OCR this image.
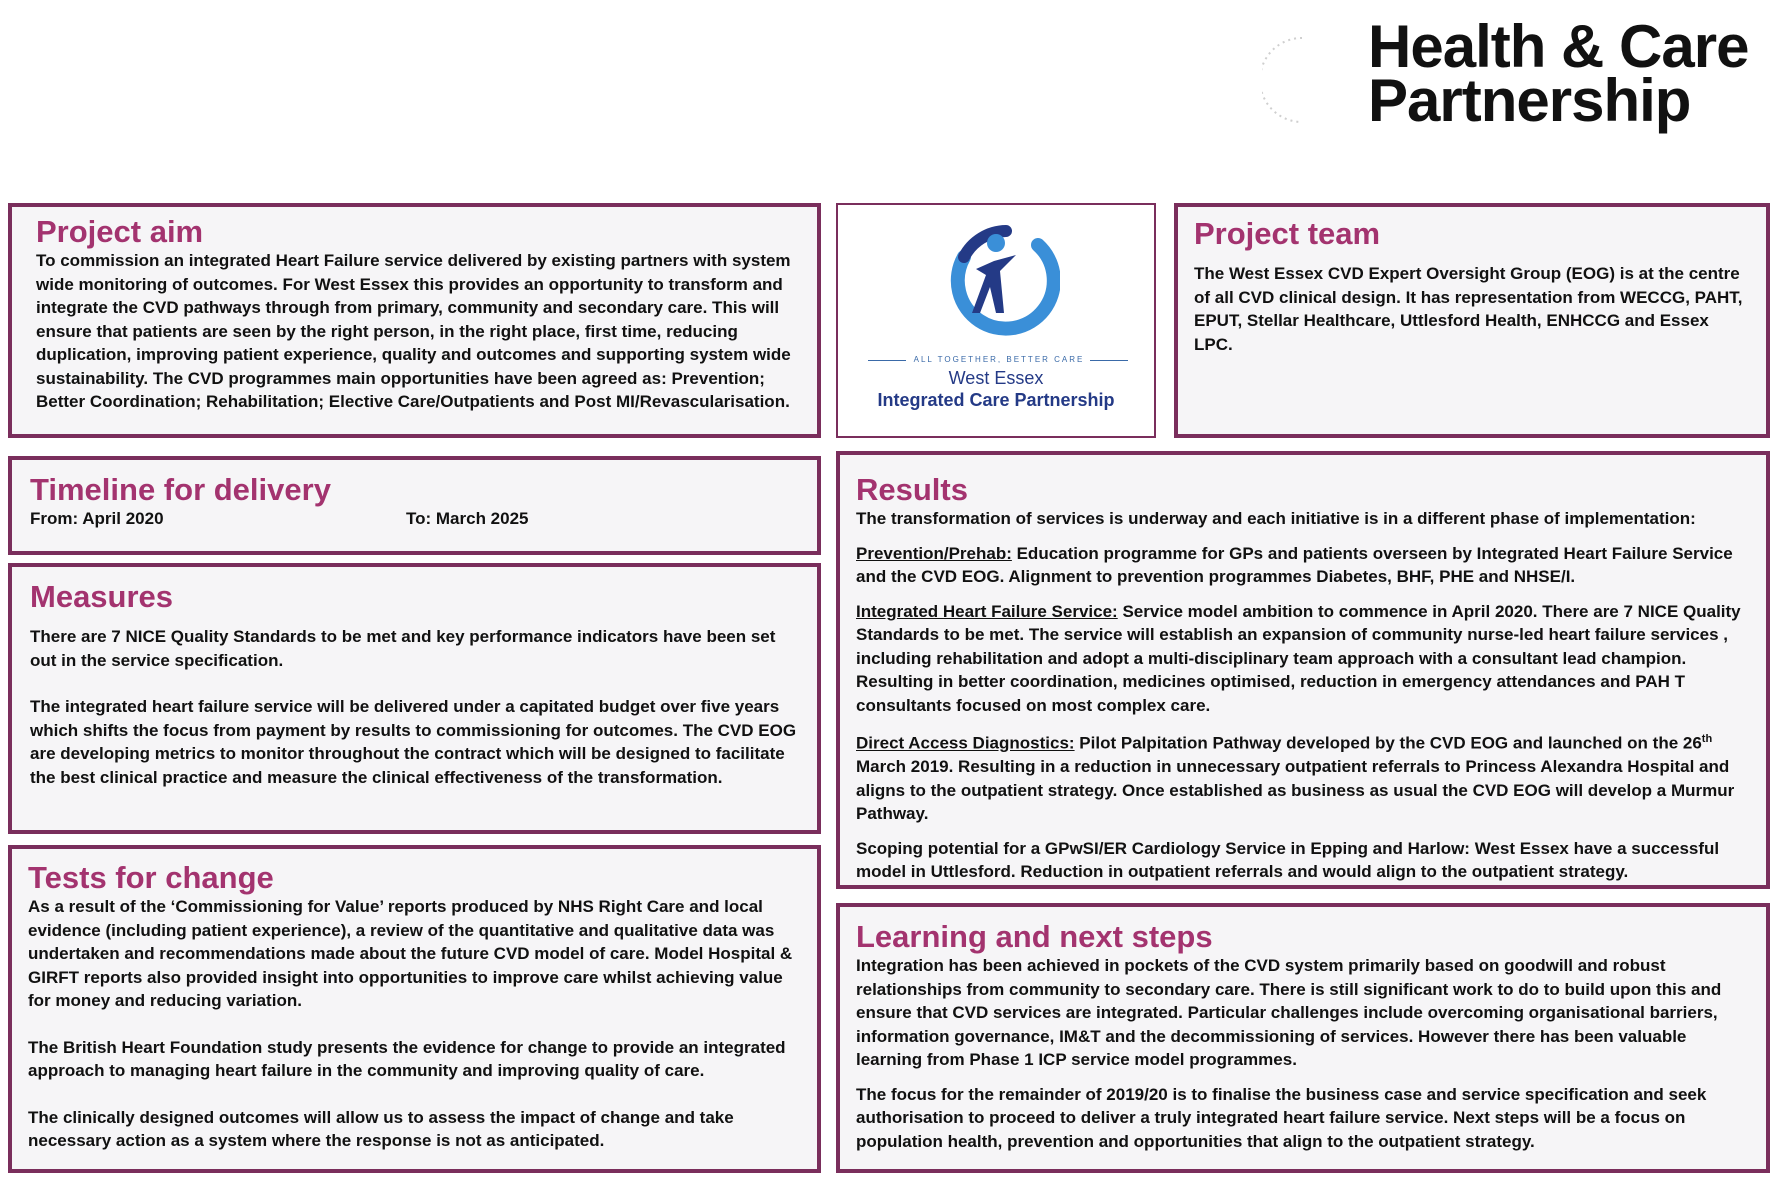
Health & Care
Partnership
Project aim

To commission an integrated Heart Failure service delivered by existing partners with system wide monitoring of outcomes. For West Essex this provides an opportunity to transform and integrate the CVD pathways through from primary, community and secondary care. This will ensure that patients are seen by the right person, in the right place, first time, reducing duplication, improving patient experience, quality and outcomes and supporting system wide sustainability. The CVD programmes main opportunities have been agreed as: Prevention; Better Coordination; Rehabilitation; Elective Care/Outpatients and Post MI/Revascularisation.

ALL TOGETHER, BETTER CARE
West Essex
Integrated Care Partnership
Project team

The West Essex CVD Expert Oversight Group (EOG) is at the centre of all CVD clinical design. It has representation from WECCG, PAHT, EPUT, Stellar Healthcare, Uttlesford Health, ENHCCG and Essex LPC.

Timeline for delivery

From: April 2020	To: March 2025

Measures

There are 7 NICE Quality Standards to be met and key performance indicators have been set out in the service specification.

The integrated heart failure service will be delivered under a capitated budget over five years which shifts the focus from payment by results to commissioning for outcomes. The CVD EOG are developing metrics to monitor throughout the contract which will be designed to facilitate the best clinical practice and measure the clinical effectiveness of the transformation.

Tests for change

As a result of the ‘Commissioning for Value’ reports produced by NHS Right Care and local evidence (including patient experience), a review of the quantitative and qualitative data was undertaken and recommendations made about the future CVD model of care. Model Hospital & GIRFT reports also provided insight into opportunities to improve care whilst achieving value for money and reducing variation.

The British Heart Foundation study presents the evidence for change to provide an integrated approach to managing heart failure in the community and improving quality of care.

The clinically designed outcomes will allow us to assess the impact of change and take necessary action as a system where the response is not as anticipated.

Results

The transformation of services is underway and each initiative is in a different phase of implementation:

Prevention/Prehab: Education programme for GPs and patients overseen by Integrated Heart Failure Service and the CVD EOG. Alignment to prevention programmes Diabetes, BHF, PHE and NHSE/I.

Integrated Heart Failure Service: Service model ambition to commence in April 2020. There are 7 NICE Quality Standards to be met. The service will establish an expansion of community nurse-led heart failure services , including rehabilitation and adopt a multi-disciplinary team approach with a consultant lead champion. Resulting in better coordination, medicines optimised, reduction in emergency attendances and PAH T consultants focused on most complex care.

Direct Access Diagnostics: Pilot Palpitation Pathway developed by the CVD EOG and launched on the 26th March 2019. Resulting in a reduction in unnecessary outpatient referrals to Princess Alexandra Hospital and aligns to the outpatient strategy. Once established as business as usual the CVD EOG will develop a Murmur Pathway.

Scoping potential for a GPwSI/ER Cardiology Service in Epping and Harlow: West Essex have a successful model in Uttlesford. Reduction in outpatient referrals and would align to the outpatient strategy.

Learning and next steps

Integration has been achieved in pockets of the CVD system primarily based on goodwill and robust relationships from community to secondary care. There is still significant work to do to build upon this and ensure that CVD services are integrated. Particular challenges include overcoming organisational barriers, information governance, IM&T and the decommissioning of services. However there has been valuable learning from Phase 1 ICP service model programmes.

The focus for the remainder of 2019/20 is to finalise the business case and service specification and seek authorisation to proceed to deliver a truly integrated heart failure service. Next steps will be a focus on population health, prevention and opportunities that align to the outpatient strategy.
